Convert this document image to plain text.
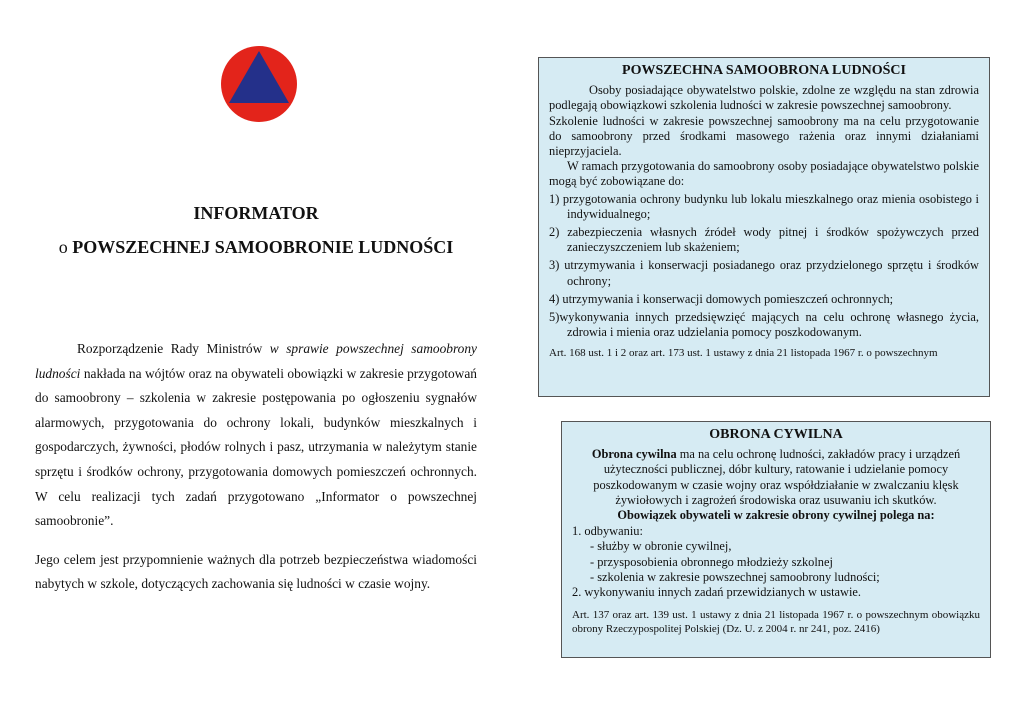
INFORMATOR
o POWSZECHNEJ SAMOOBRONIE LUDNOŚCI
Rozporządzenie Rady Ministrów w sprawie powszechnej samoobrony ludności nakłada na wójtów oraz na obywateli obowiązki w zakresie przygotowań do samoobrony – szkolenia w zakresie postępowania po ogłoszeniu sygnałów alarmowych, przygotowania do ochrony lokali, budynków mieszkalnych i gospodarczych, żywności, płodów rolnych i pasz, utrzymania w należytym stanie sprzętu i środków ochrony, przygotowania domowych pomieszczeń ochronnych. W celu realizacji tych zadań przygotowano „Informator o powszechnej samoobronie”.
Jego celem jest przypomnienie ważnych dla potrzeb bezpieczeństwa wiadomości nabytych w szkole, dotyczących zachowania się ludności w czasie wojny.
POWSZECHNA SAMOOBRONA LUDNOŚCI

Osoby posiadające obywatelstwo polskie, zdolne ze względu na stan zdrowia podlegają obowiązkowi szkolenia ludności w zakresie powszechnej samoobrony.

Szkolenie ludności w zakresie powszechnej samoobrony ma na celu przygotowanie do samoobrony przed środkami masowego rażenia oraz innymi działaniami nieprzyjaciela.

W ramach przygotowania do samoobrony osoby posiadające obywatelstwo polskie mogą być zobowiązane do:

1) przygotowania ochrony budynku lub lokalu mieszkalnego oraz mienia osobistego i indywidualnego;
2) zabezpieczenia własnych źródeł wody pitnej i środków spożywczych przed zanieczyszczeniem lub skażeniem;
3) utrzymywania i konserwacji posiadanego oraz przydzielonego sprzętu i środków ochrony;
4) utrzymywania i konserwacji domowych pomieszczeń ochronnych;
5)wykonywania innych przedsięwzięć mających na celu ochronę własnego życia, zdrowia i mienia oraz udzielania pomocy poszkodowanym.

Art. 168 ust. 1 i 2 oraz art. 173 ust. 1 ustawy z dnia 21 listopada 1967 r. o powszechnym

OBRONA CYWILNA

Obrona cywilna ma na celu ochronę ludności, zakładów pracy i urządzeń użyteczności publicznej, dóbr kultury, ratowanie i udzielanie pomocy poszkodowanym w czasie wojny oraz współdziałanie w zwalczaniu klęsk żywiołowych i zagrożeń środowiska oraz usuwaniu ich skutków.

Obowiązek obywateli w zakresie obrony cywilnej polega na:

1. odbywaniu:
- służby w obronie cywilnej,
- przysposobienia obronnego młodzieży szkolnej
- szkolenia w zakresie powszechnej samoobrony ludności;
2. wykonywaniu innych zadań przewidzianych w ustawie.

Art. 137 oraz art. 139 ust. 1 ustawy z dnia 21 listopada 1967 r. o powszechnym obowiązku obrony Rzeczypospolitej Polskiej (Dz. U. z 2004 r. nr 241, poz. 2416)
